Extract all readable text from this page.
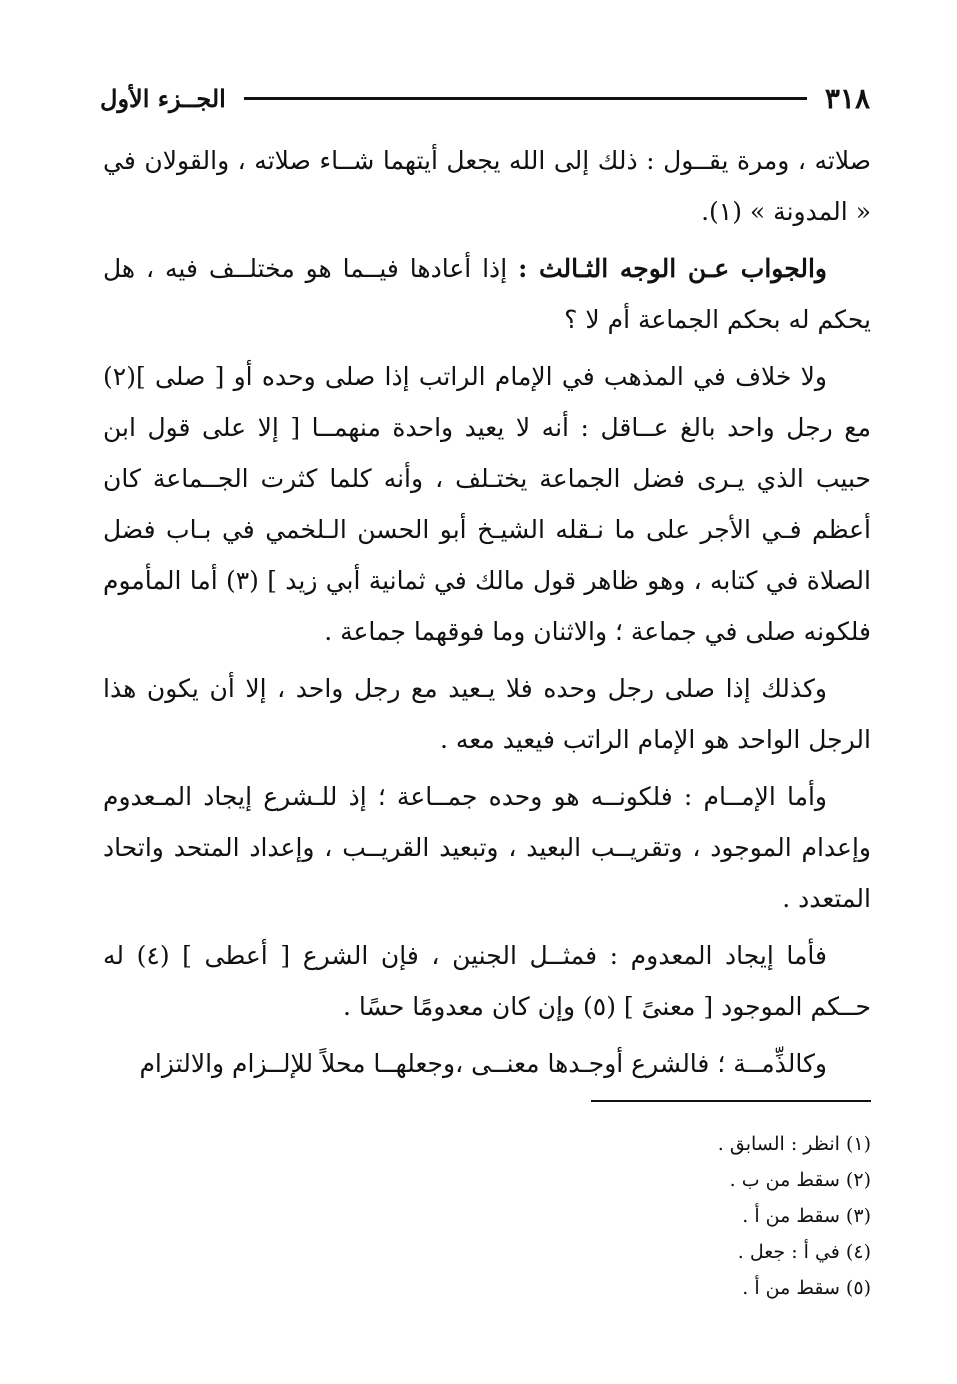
٣١٨
الجــزء الأول

صلاته ، ومرة يقــول : ذلك إلى الله يجعل أيتهما شــاء صلاته ، والقولان في « المدونة » (١).

والجواب عـن الوجه الثـالث : إذا أعادها فيــما هو مختلــف فيه ، هل يحكم له بحكم الجماعة أم لا ؟

ولا خلاف في المذهب في الإمام الراتب إذا صلى وحده أو [ صلى ](٢) مع رجل واحد بالغ عــاقل : أنه لا يعيد واحدة منهمــا [ إلا على قول ابن حبيب الذي يـرى فضل الجماعة يختـلف ، وأنه كلما كثرت الجــماعة كان أعظم فـي الأجر على ما نـقله الشيـخ أبو الحسن الـلخمي في بـاب فضل الصلاة في كتابه ، وهو ظاهر قول مالك في ثمانية أبي زيد ] (٣) أما المأموم فلكونه صلى في جماعة ؛ والاثنان وما فوقهما جماعة .

وكذلك إذا صلى رجل وحده فلا يـعيد مع رجل واحد ، إلا أن يكون هذا الرجل الواحد هو الإمام الراتب فيعيد معه .

وأما الإمــام : فلكونــه هو وحده جمــاعة ؛ إذ للـشرع إيجاد المـعدوم وإعدام الموجود ، وتقريــب البعيد ، وتبعيد القريــب ، وإعداد المتحد واتحاد المتعدد .

فأما إيجاد المعدوم : فمثــل الجنين ، فإن الشرع [ أعطى ] (٤) له حــكم الموجود [ معنىً ] (٥) وإن كان معدومًا حسًا .

وكالذِّمــة ؛ فالشرع أوجـدها معنــى ،وجعلهــا محلاً للإلــزام والالتزام

(١) انظر : السابق .
(٢) سقط من ب .
(٣) سقط من أ .
(٤) في أ : جعل .
(٥) سقط من أ .
